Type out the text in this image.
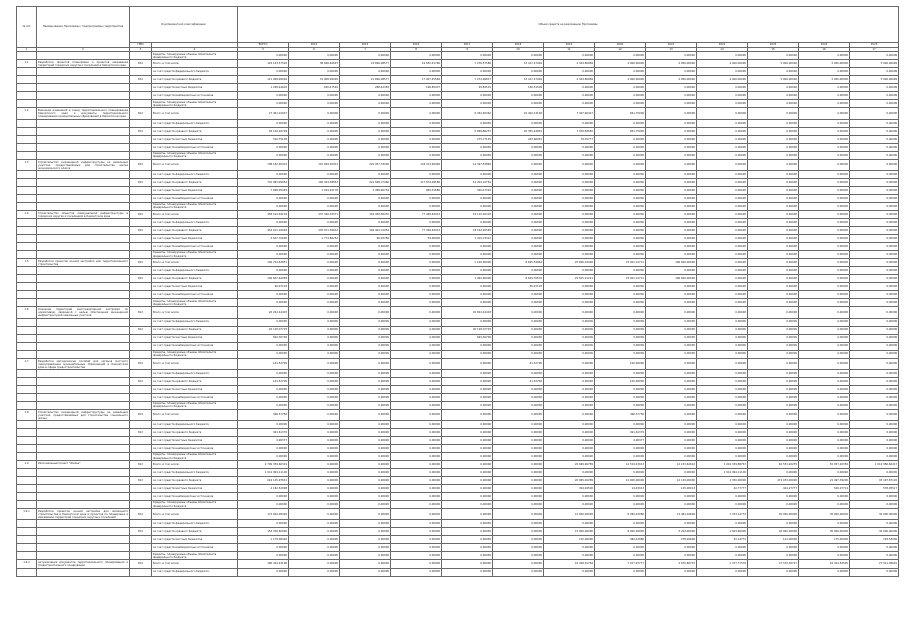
№ п/п	Наименование Программы / подпрограммы / мероприятия	Код бюджетной классификации		Объем средств на реализацию Программы												
		ГРБС		ВСЕГО	2014	2015	2016	2017	2018	2019	2020	2021	2022	2023	2024	2025
1	2	3	4	5	6	7	8	9	10	11	12	13	14	15	16	17
			Кредиты, планируемые объемы обязательств федерального бюджета	0,00000	0,00000	0,00000	0,00000	0,00000	0,00000	0,00000	0,00000	0,00000	0,00000	0,00000	0,00000	0,00000
1.1	Разработка проектов планировки и проектов межевания территорий городских округов и поселений в Камчатском крае	812	Всего, в том числе:	125 123,57520	38 946,40697	23 696,08577	19 832,41766	7 276,57586	13 417,27926	2 434,80969	2 000,00000	2 000,00000	4 000,00000	5 000,00000	5 000,00000	5 000,00000
			за счет средств федерального бюджета	0,00000	0,00000	0,00000	0,00000	0,00000	0,00000	0,00000	0,00000	0,00000	0,00000	0,00000	0,00000	0,00000
		812	за счет средств краевого бюджета	111 008,99026	31 008,99026	21 696,08577	17 907,45584	7 274,99817	13 417,27926	2 434,80969	2 000,00000	2 000,00000	4 000,00000	5 000,00000	5 000,00000	5 000,00000
			за счет средств местных бюджетов	1 248,44602	630,47592	288,42383	198,85437	49,83515	136,31509	0,00000	0,00000	0,00000	0,00000	0,00000	0,00000	0,00000
			за счет средств внебюджетных источников	0,00000	0,00000	0,00000	0,00000	0,00000	0,00000	0,00000	0,00000	0,00000	0,00000	0,00000	0,00000	0,00000
			Кредиты, планируемые объемы обязательств федерального бюджета	0,00000	0,00000	0,00000	0,00000	0,00000	0,00000	0,00000	0,00000	0,00000	0,00000	0,00000	0,00000	0,00000
1.2	Внесение изменений в схему территориального планирования Камчатского края и документы территориального планирования муниципальных образований в Камчатском крае	812	Всего, в том числе:	27 461,01927	0,00000	0,00000	0,00000	6 452,46362	22 402,13148	7 397,60427	841,75000	0,00000	0,00000	0,00000	0,00000	0,00000
			за счет средств федерального бюджета	0,00000	0,00000	0,00000	0,00000	0,00000	0,00000	0,00000	0,00000	0,00000	0,00000	0,00000	0,00000	0,00000
		812	за счет средств краевого бюджета	26 150,26799	0,00000	0,00000	0,00000	5 846,86237	20 355,44891	7 076,83650	841,75000	0,00000	0,00000	0,00000	0,00000	0,00000
			за счет средств местных бюджетов	310,75128	0,00000	0,00000	0,00000	275,77125	243,66991	76,76777	0,00000	0,00000	0,00000	0,00000	0,00000	0,00000
			за счет средств внебюджетных источников	0,00000	0,00000	0,00000	0,00000	0,00000	0,00000	0,00000	0,00000	0,00000	0,00000	0,00000	0,00000	0,00000
			Кредиты, планируемые объемы обязательств федерального бюджета	0,00000	0,00000	0,00000	0,00000	0,00000	0,00000	0,00000	0,00000	0,00000	0,00000	0,00000	0,00000	0,00000
1.3	Строительство инженерной инфраструктуры на земельных участках, предоставляемых для строительства жилья экономического класса	812	Всего, в том числе:	708 182,95401	191 699,30031	222 957,78200	118 313,40906	14 397,53869	0,00000	0,00000	0,00000	0,00000	0,00000	0,00000	0,00000	0,00000
			за счет средств федерального бюджета	0,00000	0,00000	0,00000	0,00000	0,00000	0,00000	0,00000	0,00000	0,00000	0,00000	0,00000	0,00000	0,00000
		812	за счет средств краевого бюджета	701 083,99952	190 454,38853	221 568,17466	117 874,09186	14 204,14781	0,00000	0,00000	0,00000	0,00000	0,00000	0,00000	0,00000	0,00000
			за счет средств местных бюджетов	7 098,95449	1 244,91178	1 389,60734	909,31680	340,47391	0,00000	0,00000	0,00000	0,00000	0,00000	0,00000	0,00000	0,00000
			за счет средств внебюджетных источников	0,00000	0,00000	0,00000	0,00000	0,00000	0,00000	0,00000	0,00000	0,00000	0,00000	0,00000	0,00000	0,00000
			Кредиты, планируемые объемы обязательств федерального бюджета	0,00000	0,00000	0,00000	0,00000	0,00000	0,00000	0,00000	0,00000	0,00000	0,00000	0,00000	0,00000	0,00000
1.4	Строительство объектов коммунальной инфраструктуры в городских округах и поселениях в Камчатском крае	812	Всего, в том числе:	458 104,59118	237 346,34371	103 459,58476	77 446,63913	19 110,02318	0,00000	0,00000	0,00000	0,00000	0,00000	0,00000	0,00000	0,00000
			за счет средств федерального бюджета	0,00000	0,00000	0,00000	0,00000	0,00000	0,00000	0,00000	0,00000	0,00000	0,00000	0,00000	0,00000	0,00000
		812	за счет средств краевого бюджета	452 911,18046	235 671,59912	102 461,12954	77 346,63913	18 192,20565	0,00000	0,00000	0,00000	0,00000	0,00000	0,00000	0,00000	0,00000
			за счет средств местных бюджетов	3 647,70000	1 774,80252	96,93780	59,00000	1 419,13312	0,00000	0,00000	0,00000	0,00000	0,00000	0,00000	0,00000	0,00000
			за счет средств внебюджетных источников	0,00000	0,00000	0,00000	0,00000	0,00000	0,00000	0,00000	0,00000	0,00000	0,00000	0,00000	0,00000	0,00000
			Кредиты, планируемые объемы обязательств федерального бюджета	0,00000	0,00000	0,00000	0,00000	0,00000	0,00000	0,00000	0,00000	0,00000	0,00000	0,00000	0,00000	0,00000
1.5	Разработка проектов зонной застройки для территориального строительства	812	Всего, в том числе:	194 724,63851	0,00000	0,00000	0,00000	1 100,00000	8 695,34864	25 826,22000	23 901,12712	169 000,00000	0,00000	0,00000	0,00000	0,00000
			за счет средств федерального бюджета	0,00000	0,00000	0,00000	0,00000	0,00000	0,00000	0,00000	0,00000	0,00000	0,00000	0,00000	0,00000	0,00000
		812	за счет средств краевого бюджета	194 667,62958	0,00000	0,00000	0,00000	1 092,00000	8 629,70576	25 815,21221	23 901,12712	169 000,00000	0,00000	0,00000	0,00000	0,00000
			за счет средств местных бюджетов	56,97193	0,00000	0,00000	0,00000	0,00000	56,97193	0,00000	0,00000	0,00000	0,00000	0,00000	0,00000	0,00000
			за счет средств внебюджетных источников	0,00000	0,00000	0,00000	0,00000	0,00000	0,00000	0,00000	0,00000	0,00000	0,00000	0,00000	0,00000	0,00000
			Кредиты, планируемые объемы обязательств федерального бюджета	0,00000	0,00000	0,00000	0,00000	0,00000	0,00000	0,00000	0,00000	0,00000	0,00000	0,00000	0,00000	0,00000
1.6	Освоение территорий многоквартирной застройки по нормативам, связанной с целью обеспечения инженерной инфраструктурой земельных участков	812	Всего, в том числе:	20 222,44403	0,00000	0,00000	0,00000	20 822,44403	0,00000	0,00000	0,00000	0,00000	0,00000	0,00000	0,00000	0,00000
			за счет средств федерального бюджета	0,00000	0,00000	0,00000	0,00000	0,00000	0,00000	0,00000	0,00000	0,00000	0,00000	0,00000	0,00000	0,00000
		812	за счет средств краевого бюджета	20 128,07703	0,00000	0,00000	0,00000	20 128,07703	0,00000	0,00000	0,00000	0,00000	0,00000	0,00000	0,00000	0,00000
			за счет средств местных бюджетов	694,36700	0,00000	0,00000	0,00000	694,36700	0,00000	0,00000	0,00000	0,00000	0,00000	0,00000	0,00000	0,00000
			за счет средств внебюджетных источников	0,00000	0,00000	0,00000	0,00000	0,00000	0,00000	0,00000	0,00000	0,00000	0,00000	0,00000	0,00000	0,00000
			Кредиты, планируемые объемы обязательств федерального бюджета	0,00000	0,00000	0,00000	0,00000	0,00000	0,00000	0,00000	0,00000	0,00000	0,00000	0,00000	0,00000	0,00000
1.7	Разработка методических пособий для органов местного самоуправления муниципальных образований в Камчатском крае в сфере градостроительства	812	Всего, в том числе:	141,52700	0,00000	0,00000	0,00000	0,00000	41,52700	0,00000	100,00000	0,00000	0,00000	0,00000	0,00000	0,00000
			за счет средств федерального бюджета	0,00000	0,00000	0,00000	0,00000	0,00000	0,00000	0,00000	0,00000	0,00000	0,00000	0,00000	0,00000	0,00000
		812	за счет средств краевого бюджета	141,52700	0,00000	0,00000	0,00000	0,00000	41,52700	0,00000	100,00000	0,00000	0,00000	0,00000	0,00000	0,00000
			за счет средств местных бюджетов	0,00000	0,00000	0,00000	0,00000	0,00000	0,00000	0,00000	0,00000	0,00000	0,00000	0,00000	0,00000	0,00000
			за счет средств внебюджетных источников	0,00000	0,00000	0,00000	0,00000	0,00000	0,00000	0,00000	0,00000	0,00000	0,00000	0,00000	0,00000	0,00000
			Кредиты, планируемые объемы обязательств федерального бюджета	0,00000	0,00000	0,00000	0,00000	0,00000	0,00000	0,00000	0,00000	0,00000	0,00000	0,00000	0,00000	0,00000
1.8	Строительство инженерной инфраструктуры на земельных участках, предоставляемых для строительства социального жилья	812	Всего, в том числе:	496,57756	0,00000	0,00000	0,00000	0,00000	0,00000	0,00000	496,57756	0,00000	0,00000	0,00000	0,00000	0,00000
			за счет средств федерального бюджета	0,00000	0,00000	0,00000	0,00000	0,00000	0,00000	0,00000	0,00000	0,00000	0,00000	0,00000	0,00000	0,00000
		812	за счет средств краевого бюджета	491,61379	0,00000	0,00000	0,00000	0,00000	0,00000	0,00000	491,61379	0,00000	0,00000	0,00000	0,00000	0,00000
			за счет средств местных бюджетов	4,96377	0,00000	0,00000	0,00000	0,00000	0,00000	0,00000	4,96377	0,00000	0,00000	0,00000	0,00000	0,00000
			за счет средств внебюджетных источников	0,00000	0,00000	0,00000	0,00000	0,00000	0,00000	0,00000	0,00000	0,00000	0,00000	0,00000	0,00000	0,00000
			Кредиты, планируемые объемы обязательств федерального бюджета	0,00000	0,00000	0,00000	0,00000	0,00000	0,00000	0,00000	0,00000	0,00000	0,00000	0,00000	0,00000	0,00000
1.9	Региональный проект "Жилье"	812	Всего, в том числе:	2 709 359,66301	0,00000	0,00000	0,00000	0,00000	0,00000	20 669,96789	12 519,43013	12 153,62622	1 001 339,88767	62 533,20235	81 057,20356	1 019 380,66417
			за счет средств федерального бюджета	1 014 994,11100	0,00000	0,00000	0,00000	0,00000	0,00000	0,00000	0,00000	0,00000	1 014 994,11100	0,00000	0,00000	0,00000
		812	за счет средств краевого бюджета	619 145,97631	0,00000	0,00000	0,00000	0,00000	0,00000	20 965,02289	14 000,00000	12 129,00000	2 350,00000	474 033,20000	21 497,39200	93 197,87120
			за счет средств местных бюджетов	2 182,52098	0,00000	0,00000	0,00000	0,00000	0,00000	304,94500	14,43013	125,00013	42,77777	424,27777	520,27714	578,95517
			за счет средств внебюджетных источников	0,00000	0,00000	0,00000	0,00000	0,00000	0,00000	0,00000	0,00000	0,00000	0,00000	0,00000	0,00000	0,00000
			Кредиты, планируемые объемы обязательств федерального бюджета	0,00000	0,00000	0,00000	0,00000	0,00000	0,00000	0,00000	0,00000	0,00000	0,00000	0,00000	0,00000	0,00000
1.9.1	Разработка проектов зонной застройки для жилищного строительства в Камчатском крае и проектов по планировке и межеванию территорий городских округов и поселений	812	Всего, в том числе:	172 094,08426	0,00000	0,00000	0,00000	0,00000	0,00000	15 000,00000	8 360,43086	21 481,04606	1 333,14772	20 000,00000	30 000,00000	30 000,00000
			за счет средств федерального бюджета	0,00000	0,00000	0,00000	0,00000	0,00000	0,00000	0,00000	0,00000	0,00000	0,00000	0,00000	0,00000	0,00000
		812	за счет средств краевого бюджета	154 706,60000	0,00000	0,00000	0,00000	0,00000	0,00000	15 000,00000	8 000,00000	5 203,00000	1 503,60000	20 000,00000	30 000,00000	30 000,00000
			за счет средств местных бюджетов	1 179,08426	0,00000	0,00000	0,00000	0,00000	0,00000	125,00000	460,43086	278,04606	52,14772	121,00000	175,00000	129,53000
			за счет средств внебюджетных источников	0,00000	0,00000	0,00000	0,00000	0,00000	0,00000	0,00000	0,00000	0,00000	0,00000	0,00000	0,00000	0,00000
			Кредиты, планируемые объемы обязательств федерального бюджета	0,00000	0,00000	0,00000	0,00000	0,00000	0,00000	0,00000	0,00000	0,00000	0,00000	0,00000	0,00000	0,00000
1.9.2	Актуализация документов территориального планирования и градостроительного зонирования	812	Всего, в том числе:	180 444,42168	0,00000	0,00000	0,00000	0,00000	0,00000	16 428,01784	7 977,97777	2 670,80707	1 377,77576	27 570,30727	42 324,50505	27 521,38691
			за счет средств федерального бюджета	0,00000	0,00000	0,00000	0,00000	0,00000	0,00000	0,00000	0,00000	0,00000	0,00000	0,00000	0,00000	0,00000
